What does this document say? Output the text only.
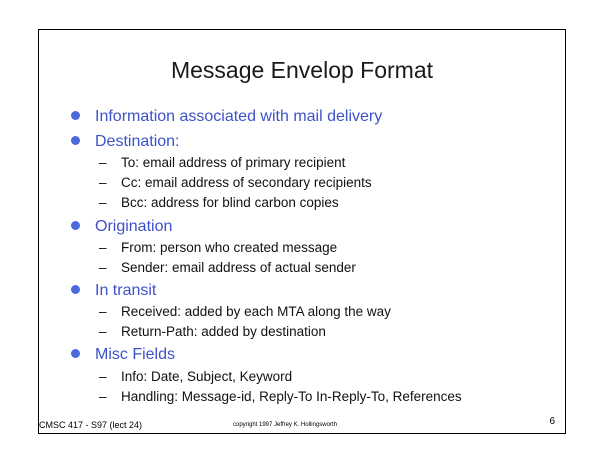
Message Envelop Format
Information associated with mail delivery
Destination:
– To: email address of primary recipient
– Cc: email address of secondary recipients
– Bcc: address for blind carbon copies
Origination
– From: person who created message
– Sender: email address of actual sender
In transit
– Received: added by each MTA along the way
– Return-Path: added by destination
Misc Fields
– Info: Date, Subject, Keyword
– Handling: Message-id, Reply-To In-Reply-To, References
CMSC 417 - S97 (lect 24)	copyright 1997 Jeffrey K. Hollingsworth	6
